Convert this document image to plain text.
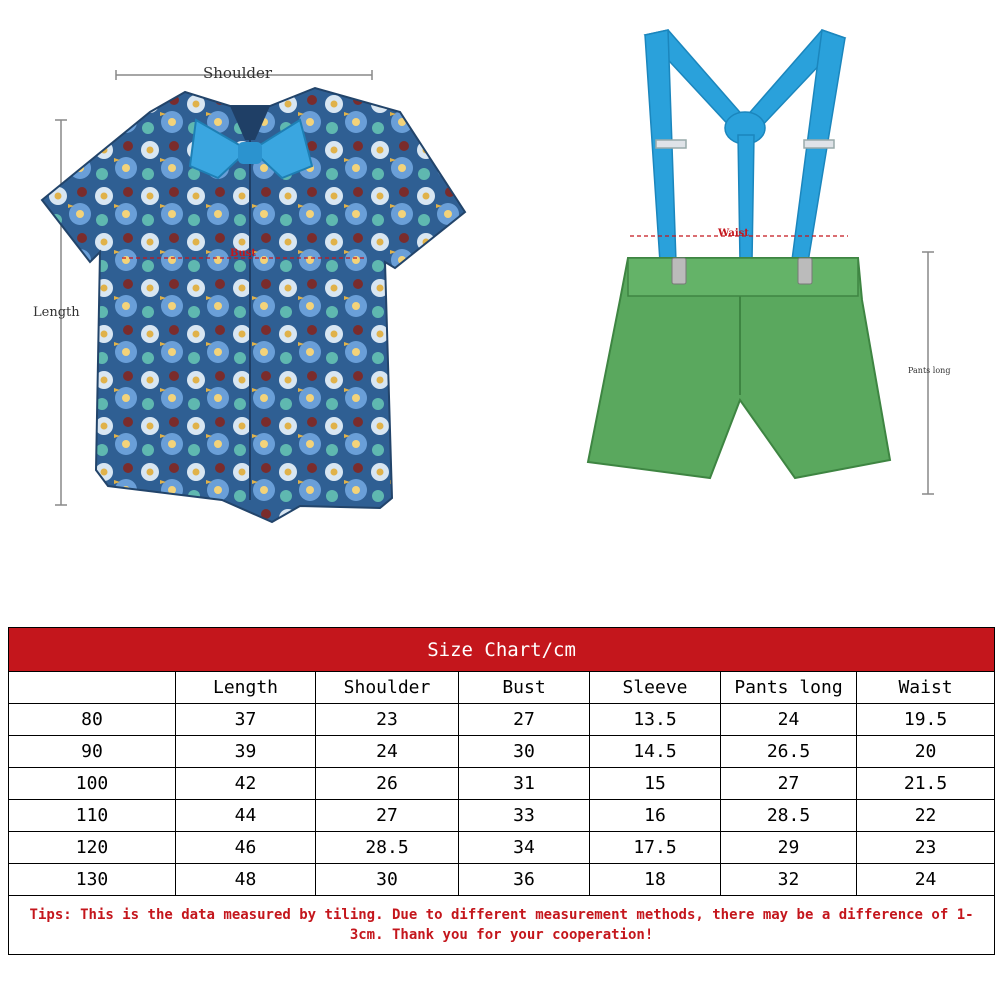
Shoulder
Length
Bust
Waist
Pants long
Size Chart/cm						
	Length	Shoulder	Bust	Sleeve	Pants long	Waist
80	37	23	27	13.5	24	19.5
90	39	24	30	14.5	26.5	20
100	42	26	31	15	27	21.5
110	44	27	33	16	28.5	22
120	46	28.5	34	17.5	29	23
130	48	30	36	18	32	24
Tips: This is the data measured by tiling. Due to different measurement methods, there may be a difference of 1-3cm. Thank you for your cooperation!						
